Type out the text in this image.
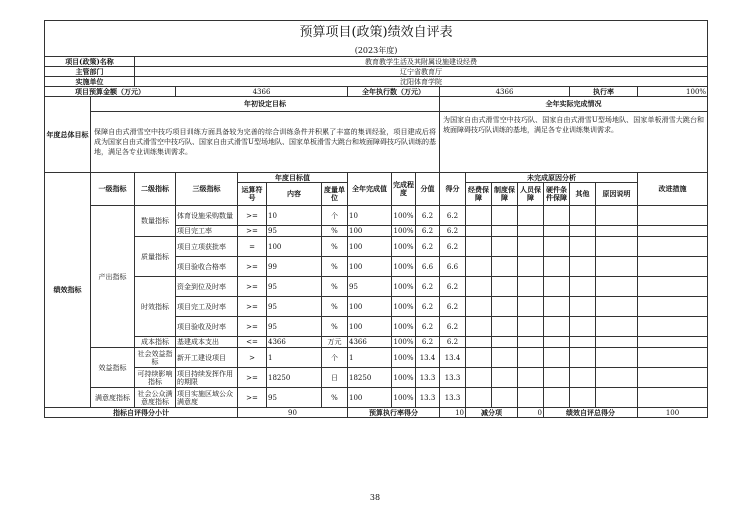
预算项目(政策)绩效自评表																	
(2023年度)																	
项目(政策)名称		教育教学生活及其附属设施建设经费															
主管部门		辽宁省教育厅															
实施单位		沈阳体育学院															
项目预算金额（万元）			4366				全年执行数（万元）			4366					执行率		100%
年度总体目标	年初设定目标									全年实际完成情况							
	保障自由式滑雪空中技巧项目训练方面具备较为完善的综合训练条件并积累了丰富的集训经验，项目建成后将成为国家自由式滑雪空中技巧队、国家自由式滑雪U型场地队、国家单板滑雪大跳台和坡面障碍技巧队训练的基地，满足各专业训练集训需求。									为国家自由式滑雪空中技巧队、国家自由式滑雪U型场地队、国家单板滑雪大跳台和坡面障碍技巧队训练的基地，满足各专业训练集训需求。							
绩效指标	一级指标	二级指标	三级指标	年度目标值			全年完成值	完成程度	分值	得分	未完成原因分析						改进措施
				运算符号	内容	度量单位					经费保障	制度保障	人员保障	硬件条件保障	其他	原因说明	
	产出指标	数量指标	体育设施采购数量	>=	10	个	10	100%	6.2	6.2							
			项目完工率	>=	95	%	100	100%	6.2	6.2							
		质量指标	项目立项获批率	=	100	%	100	100%	6.2	6.2							
			项目验收合格率	>=	99	%	100	100%	6.6	6.6							
		时效指标	资金到位及时率	>=	95	%	95	100%	6.2	6.2							
			项目完工及时率	>=	95	%	100	100%	6.2	6.2							
			项目验收及时率	>=	95	%	100	100%	6.2	6.2							
		成本指标	基建成本支出	<=	4366	万元	4366	100%	6.2	6.2							
	效益指标	社会效益指标	新开工建设项目	>	1	个	1	100%	13.4	13.4							
		可持续影响指标	项目持续发挥作用的期限	>=	18250	日	18250	100%	13.3	13.3							
	满意度指标	社会公众满意度指标	项目实施区域公众满意度	>=	95	%	100	100%	13.3	13.3							
指标自评得分小计				90			预算执行率得分			10	减分项		0	绩效自评总得分			100
38
